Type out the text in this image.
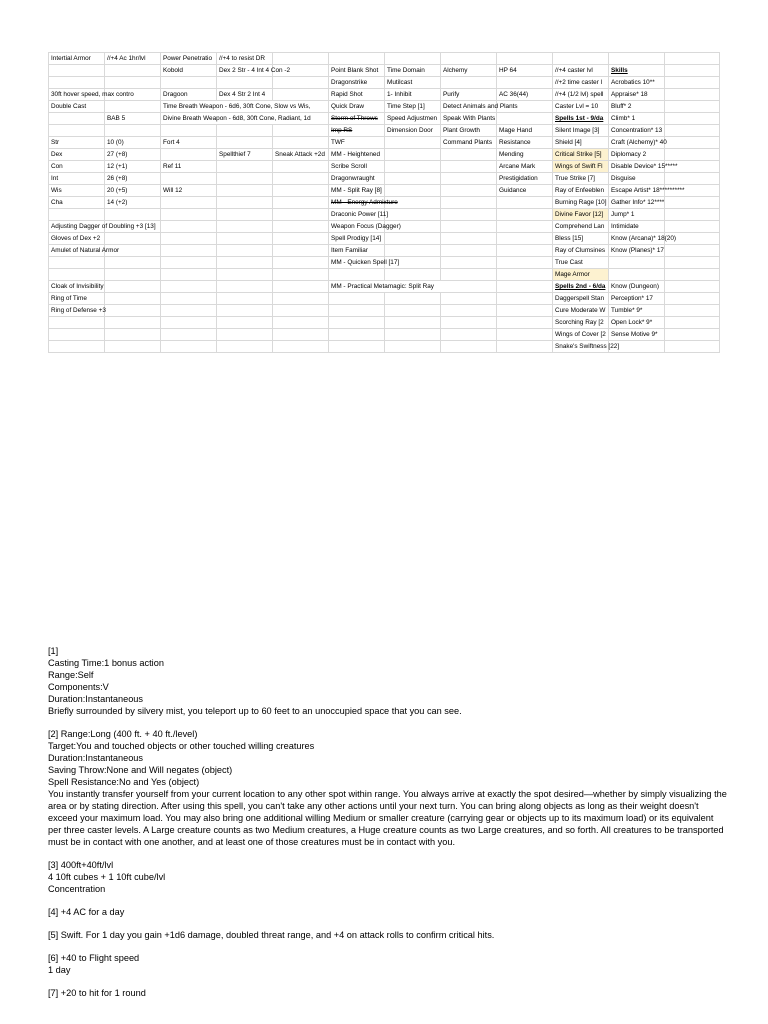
Intertial Armor	//+4 Ac 1hr/lvl	Power Penetratio	//+4 to resist DR								
		Kobold	Dex 2 Str - 4 Int 4 Con -2		Point Blank Shot	Time Domain	Alchemy	HP 64	//+4 caster lvl	Skills	
					Dragonstrike	Mutilcast			//+2 time caster l	Acrobatics 10**	
30ft hover speed, max contro		Dragoon	Dex 4 Str 2 Int 4		Rapid Shot	1- Inhibit	Purify	AC 36(44)	//+4 (1/2 lvl) spell	Appraise* 18	
Double Cast		Time Breath Weapon - 6d6, 30ft Cone, Slow vs Wis,			Quick Draw	Time Step [1]	Detect Animals and Plants		Caster Lvl = 10	Bluff* 2	
	BAB 5	Divine Breath Weapon - 6d8, 30ft Cone, Radiant, 1d			Storm of Throws	Speed Adjustmen	Speak With Plants		Spells 1st - 9/da	Climb* 1	
					Imp RS	Dimension Door	Plant Growth	Mage Hand	Silent Image [3]	Concentration* 13	
Str	10 (0)	Fort 4			TWF		Command Plants	Resistance	Shield [4]	Craft (Alchemy)* 40	
Dex	27 (+8)		Spellthief 7	Sneak Attack +2d	MM - Heightened			Mending	Critical Strike [5]	Diplomacy 2	
Con	12 (+1)	Ref 11			Scribe Scroll			Arcane Mark	Wings of Swift Fl	Disable Device* 15*****	
Int	26 (+8)				Dragonwraught			Prestigidation	True Strike [7]	Disguise	
Wis	20 (+5)	Will 12			MM - Split Ray [8]			Guidance	Ray of Enfeeblen	Escape Artist* 18**********	
Cha	14 (+2)				MM - Energy Admixture				Burning Rage [10]	Gather Info* 12****	
					Draconic Power [11]				Divine Favor [12]	Jump* 1	
Adjusting Dagger of Doubling +3 [13]					Weapon Focus (Dagger)				Comprehend Lan	Intimidate	
Gloves of Dex +2					Spell Prodigy [14]				Bless [15]	Know (Arcana)* 18(20)	
Amulet of Natural Armor					Item Familiar				Ray of Clumsines	Know (Planes)* 17	
					MM - Quicken Spell [17]				True Cast		
									Mage Armor		
Cloak of Invisibility					MM - Practical Metamagic: Split Ray				Spells 2nd - 6/da	Know (Dungeon)	
Ring of Time									Daggerspell Stan	Perception* 17	
Ring of Defense +3									Cure Moderate W	Tumble* 9*	
									Scorching Ray [2	Open Lock* 9*	
									Wings of Cover [2	Sense Motive 9*	
									Snake's Swiftness [22]		

[1]
Casting Time:1 bonus action
Range:Self
Components:V
Duration:Instantaneous
Briefly surrounded by silvery mist, you teleport up to 60 feet to an unoccupied space that you can see.

[2] Range:Long (400 ft. + 40 ft./level)
Target:You and touched objects or other touched willing creatures
Duration:Instantaneous
Saving Throw:None and Will negates (object)
Spell Resistance:No and Yes (object)
You instantly transfer yourself from your current location to any other spot within range. You always arrive at exactly the spot desired—whether by simply visualizing the area or by stating direction. After using this spell, you can't take any other actions until your next turn. You can bring along objects as long as their weight doesn't exceed your maximum load. You may also bring one additional willing Medium or smaller creature (carrying gear or objects up to its maximum load) or its equivalent per three caster levels. A Large creature counts as two Medium creatures, a Huge creature counts as two Large creatures, and so forth. All creatures to be transported must be in contact with one another, and at least one of those creatures must be in contact with you.

[3] 400ft+40ft/lvl
4 10ft cubes + 1 10ft cube/lvl
Concentration

[4] +4 AC for a day

[5] Swift. For 1 day you gain +1d6 damage, doubled threat range, and +4 on attack rolls to confirm critical hits.

[6] +40 to Flight speed
1 day

[7] +20 to hit for 1 round
